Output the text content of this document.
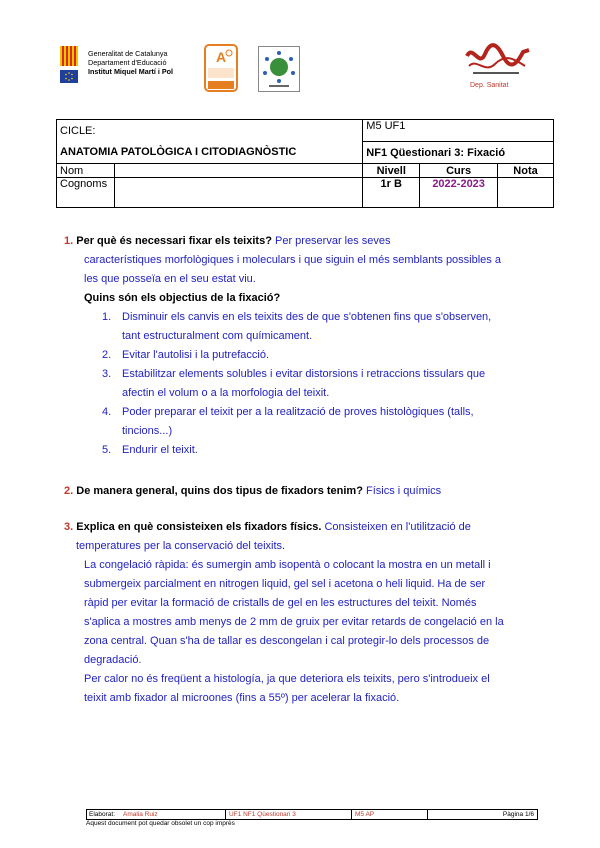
Generalitat de Catalunya
Departament d'Educació
Institut Miquel Martí i Pol
A
Dep. Sanitat
CICLE:		M5 UF1		
ANATOMIA PATOLÒGICA I CITODIAGNÒSTIC		NF1 Qüestionari 3: Fixació		
Nom		Nivell	Curs	Nota
Cognoms		1r B	2022-2023	
1. Per què és necessari fixar els teixits? Per preservar les seves
característiques morfològiques i moleculars i que siguin el més semblants possibles a
les que posseïa en el seu estat viu.
Quins són els objectius de la fixació?
1. Disminuir els canvis en els teixits des de que s'obtenen fins que s'observen,
tant estructuralment com químicament.
2. Evitar l'autolisi i la putrefacció.
3. Estabilitzar elements solubles i evitar distorsions i retraccions tissulars que
afectin el volum o a la morfologia del teixit.
4. Poder preparar el teixit per a la realització de proves histològiques (talls,
tincions...)
5. Endurir el teixit.
2. De manera general, quins dos tipus de fixadors tenim? Físics i químics
3. Explica en què consisteixen els fixadors físics. Consisteixen en l'utilització de
temperatures per la conservació del teixits.
La congelació ràpida: és sumergin amb isopentà o colocant la mostra en un metall i
submergeix parcialment en nitrogen liquid, gel sel i acetona o heli liquid. Ha de ser
ràpid per evitar la formació de cristalls de gel en les estructures del teixit. Només
s'aplica a mostres amb menys de 2 mm de gruix per evitar retards de congelació en la
zona central. Quan s'ha de tallar es descongelan i cal protegir-lo dels processos de
degradació.
Per calor no és freqüent a histología, ja que deteriora els teixits, pero s'introdueix el
teixit amb fixador al microones (fins a 55º) per acelerar la fixació.
Elaborat: Amalia Ruiz	UF1 NF1 Qüestionari 3	M5 AP	Pàgina 1/6
Aquest document pot quedar obsolet un cop imprès
